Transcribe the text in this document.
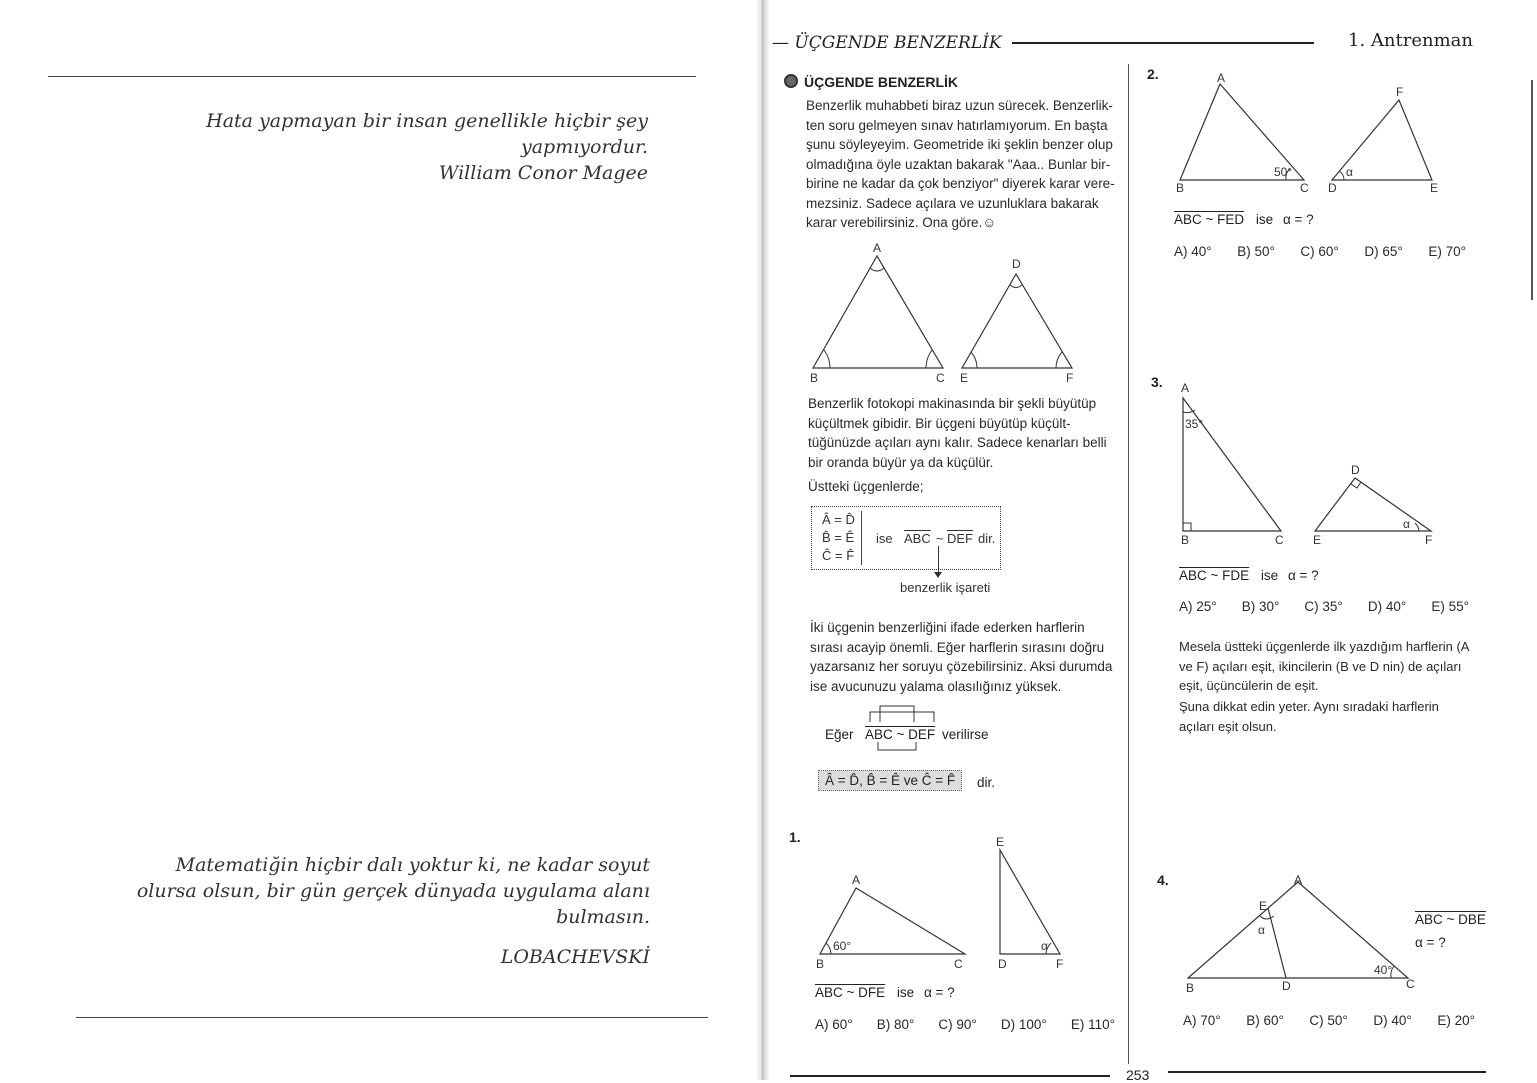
Hata yapmayan bir insan genellikle hiçbir şey
yapmıyordur.
William Conor Magee
Matematiğin hiçbir dalı yoktur ki, ne kadar soyut
olursa olsun, bir gün gerçek dünyada uygulama alanı
bulmasın.
LOBACHEVSKİ
— ÜÇGENDE BENZERLİK	1. Antrenman
ÜÇGENDE BENZERLİK
Benzerlik muhabbeti biraz uzun sürecek. Benzerlik-
ten soru gelmeyen sınav hatırlamıyorum. En başta
şunu söyleyeyim. Geometride iki şeklin benzer olup
olmadığına öyle uzaktan bakarak "Aaa.. Bunlar bir-
birine ne kadar da çok benziyor" diyerek karar vere-
mezsiniz. Sadece açılara ve uzunluklara bakarak
karar verebilirsiniz. Ona göre.☺
A
B	C
D
E	F
Benzerlik fotokopi makinasında bir şekli büyütüp
küçültmek gibidir. Bir üçgeni büyütüp küçült-
tüğünüzde açıları aynı kalır. Sadece kenarları belli
bir oranda büyür ya da küçülür.
Üstteki üçgenlerde;
Â = D̂
B̂ = Ê
Ĉ = F̂
ise $\overline{ABC}$ ~ $\overline{DEF}$ dir.
benzerlik işareti
İki üçgenin benzerliğini ifade ederken harflerin
sırası acayip önemli. Eğer harflerin sırasını doğru
yazarsanız her soruyu çözebilirsiniz. Aksi durumda
ise avucunuzu yalama olasılığınız yüksek.
Eğer ABC ~ DEF verilirse
Â = D̂, B̂ = Ê ve Ĉ = F̂	dir.
1.
A
B	C
E
D	F
60°	α
ABC ~ DFE ise α = ?
A) 60° B) 80° C) 90° D) 100° E) 110°
2.	A
B	C
F
D	E
50°	α
ABC ~ FED ise α = ?
A) 40° B) 50° C) 60° D) 65° E) 70°
3. A
B	C
D
E	F
35°
α
ABC ~ FDE ise α = ?
A) 25° B) 30° C) 35° D) 40° E) 55°
Mesela üstteki üçgenlerde ilk yazdığım harflerin (A
ve F) açıları eşit, ikincilerin (B ve D nin) de açıları
eşit, üçüncülerin de eşit.
Şuna dikkat edin yeter. Aynı sıradaki harflerin
açıları eşit olsun.
4.	A
E
B	D	C
α
40°
ABC ~ DBE
α = ?
A) 70° B) 60° C) 50° D) 40° E) 20°
253
